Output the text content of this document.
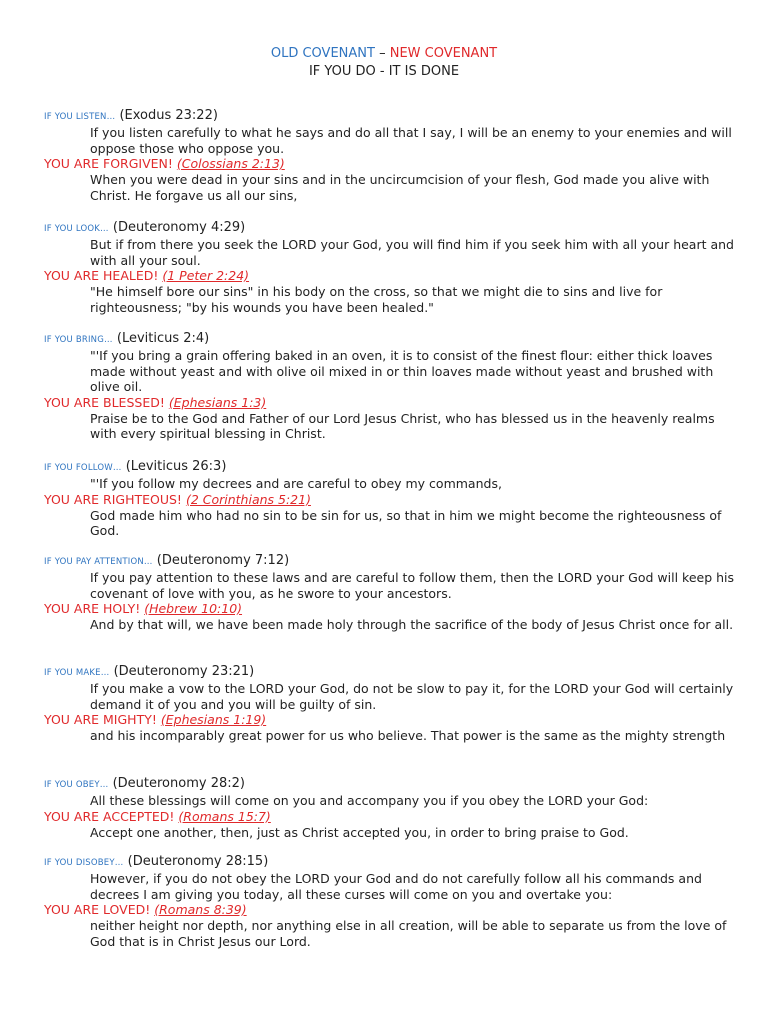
OLD COVENANT – NEW COVENANT
IF YOU DO - IT IS DONE
IF YOU LISTEN… (Exodus 23:22)
If you listen carefully to what he says and do all that I say, I will be an enemy to your enemies and will oppose those who oppose you.
YOU ARE FORGIVEN! (Colossians 2:13)
When you were dead in your sins and in the uncircumcision of your flesh, God made you alive with Christ. He forgave us all our sins,
IF YOU LOOK… (Deuteronomy 4:29)
But if from there you seek the LORD your God, you will find him if you seek him with all your heart and with all your soul.
YOU ARE HEALED! (1 Peter 2:24)
"He himself bore our sins" in his body on the cross, so that we might die to sins and live for righteousness; "by his wounds you have been healed."
IF YOU BRING… (Leviticus 2:4)
"'If you bring a grain offering baked in an oven, it is to consist of the finest flour: either thick loaves made without yeast and with olive oil mixed in or thin loaves made without yeast and brushed with olive oil.
YOU ARE BLESSED! (Ephesians 1:3)
Praise be to the God and Father of our Lord Jesus Christ, who has blessed us in the heavenly realms with every spiritual blessing in Christ.
IF YOU FOLLOW… (Leviticus 26:3)
"'If you follow my decrees and are careful to obey my commands,
YOU ARE RIGHTEOUS! (2 Corinthians 5:21)
God made him who had no sin to be sin for us, so that in him we might become the righteousness of God.
IF YOU PAY ATTENTION… (Deuteronomy 7:12)
If you pay attention to these laws and are careful to follow them, then the LORD your God will keep his covenant of love with you, as he swore to your ancestors.
YOU ARE HOLY! (Hebrew 10:10)
And by that will, we have been made holy through the sacrifice of the body of Jesus Christ once for all.
IF YOU MAKE… (Deuteronomy 23:21)
If you make a vow to the LORD your God, do not be slow to pay it, for the LORD your God will certainly demand it of you and you will be guilty of sin.
YOU ARE MIGHTY! (Ephesians 1:19)
and his incomparably great power for us who believe. That power is the same as the mighty strength
IF YOU OBEY… (Deuteronomy 28:2)
All these blessings will come on you and accompany you if you obey the LORD your God:
YOU ARE ACCEPTED! (Romans 15:7)
Accept one another, then, just as Christ accepted you, in order to bring praise to God.
IF YOU DISOBEY… (Deuteronomy 28:15)
However, if you do not obey the LORD your God and do not carefully follow all his commands and decrees I am giving you today, all these curses will come on you and overtake you:
YOU ARE LOVED! (Romans 8:39)
neither height nor depth, nor anything else in all creation, will be able to separate us from the love of God that is in Christ Jesus our Lord.
